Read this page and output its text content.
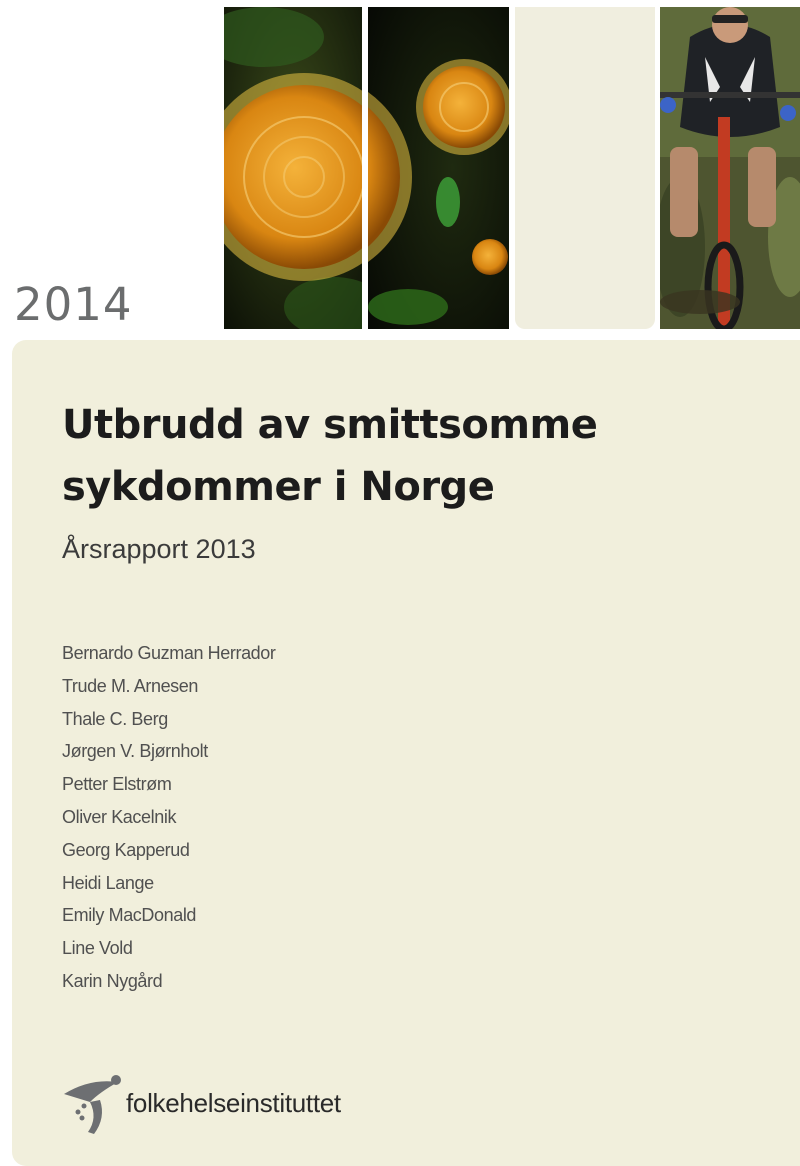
2014
Utbrudd av smittsomme
sykdommer i Norge
Årsrapport 2013
Bernardo Guzman Herrador
Trude M. Arnesen
Thale C. Berg
Jørgen V. Bjørnholt
Petter Elstrøm
Oliver Kacelnik
Georg Kapperud
Heidi Lange
Emily MacDonald
Line Vold
Karin Nygård
folkehelseinstituttet
